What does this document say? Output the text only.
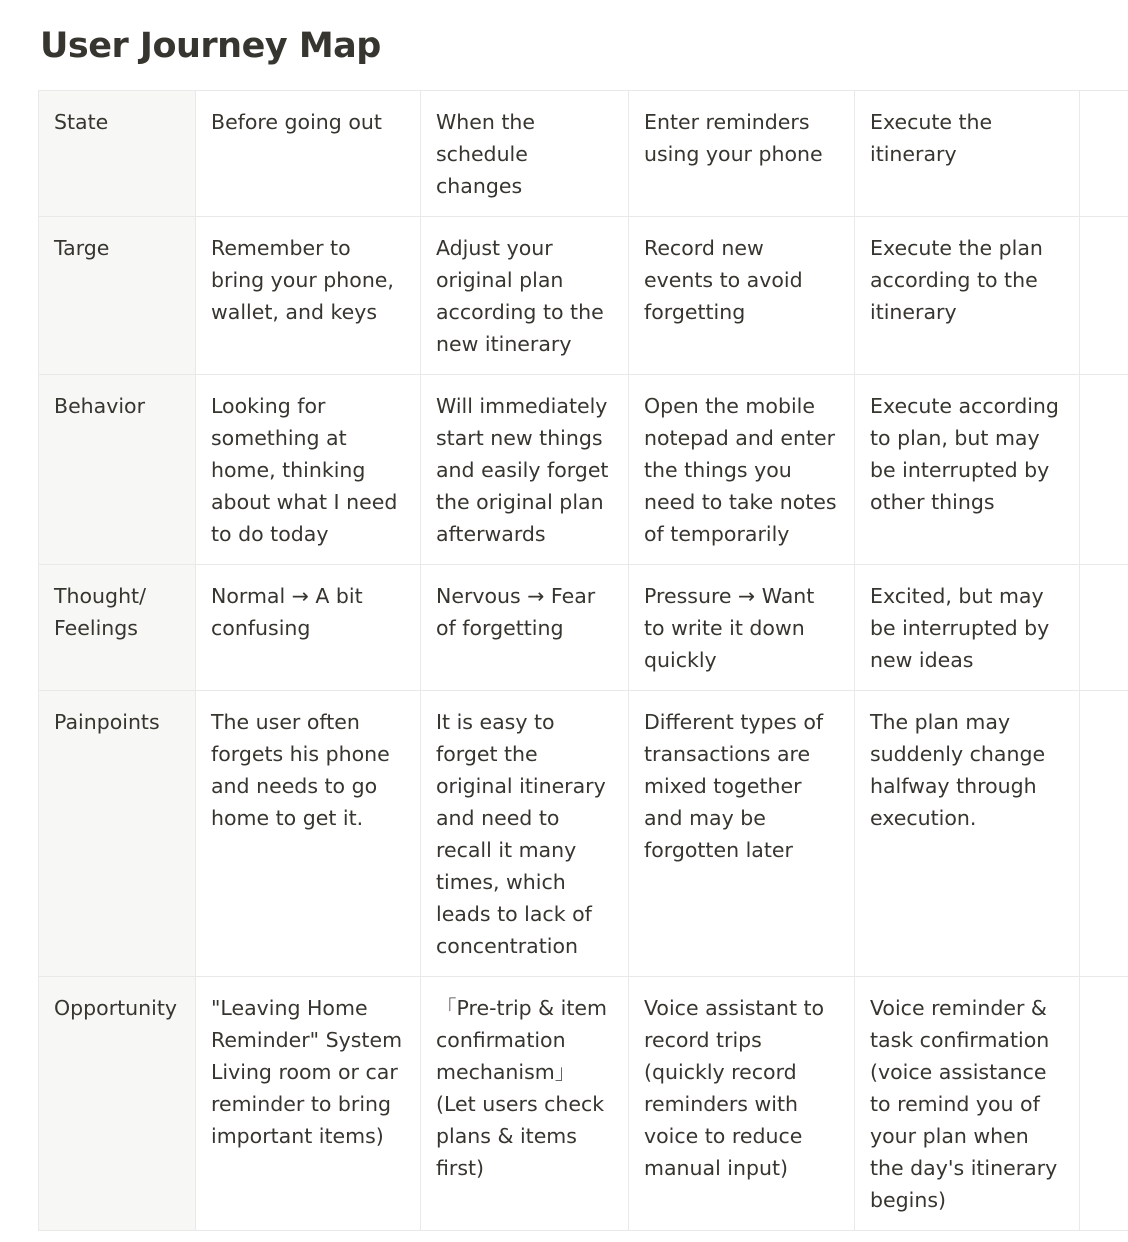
User Journey Map
State	Before going out	When the schedule changes	Enter reminders using your phone	Execute the itinerary	
Targe	Remember to bring your phone, wallet, and keys	Adjust your original plan according to the new itinerary	Record new events to avoid forgetting	Execute the plan according to the itinerary	
Behavior	Looking for something at home, thinking about what I need to do today	Will immediately start new things and easily forget the original plan afterwards	Open the mobile notepad and enter the things you need to take notes of temporarily	Execute according to plan, but may be interrupted by other things	
Thought/ Feelings	Normal → A bit confusing	Nervous → Fear of forgetting	Pressure → Want to write it down quickly	Excited, but may be interrupted by new ideas	
Painpoints	The user often forgets his phone and needs to go home to get it.	It is easy to forget the original itinerary and need to recall it many times, which leads to lack of concentration	Different types of transactions are mixed together and may be forgotten later	The plan may suddenly change halfway through execution.	
Opportunity	"Leaving Home Reminder" System Living room or car reminder to bring important items)	「Pre-trip & item confirmation mechanism」(Let users check plans & items first)	Voice assistant to record trips (quickly record reminders with voice to reduce manual input)	Voice reminder & task confirmation (voice assistance to remind you of your plan when the day's itinerary begins)	
